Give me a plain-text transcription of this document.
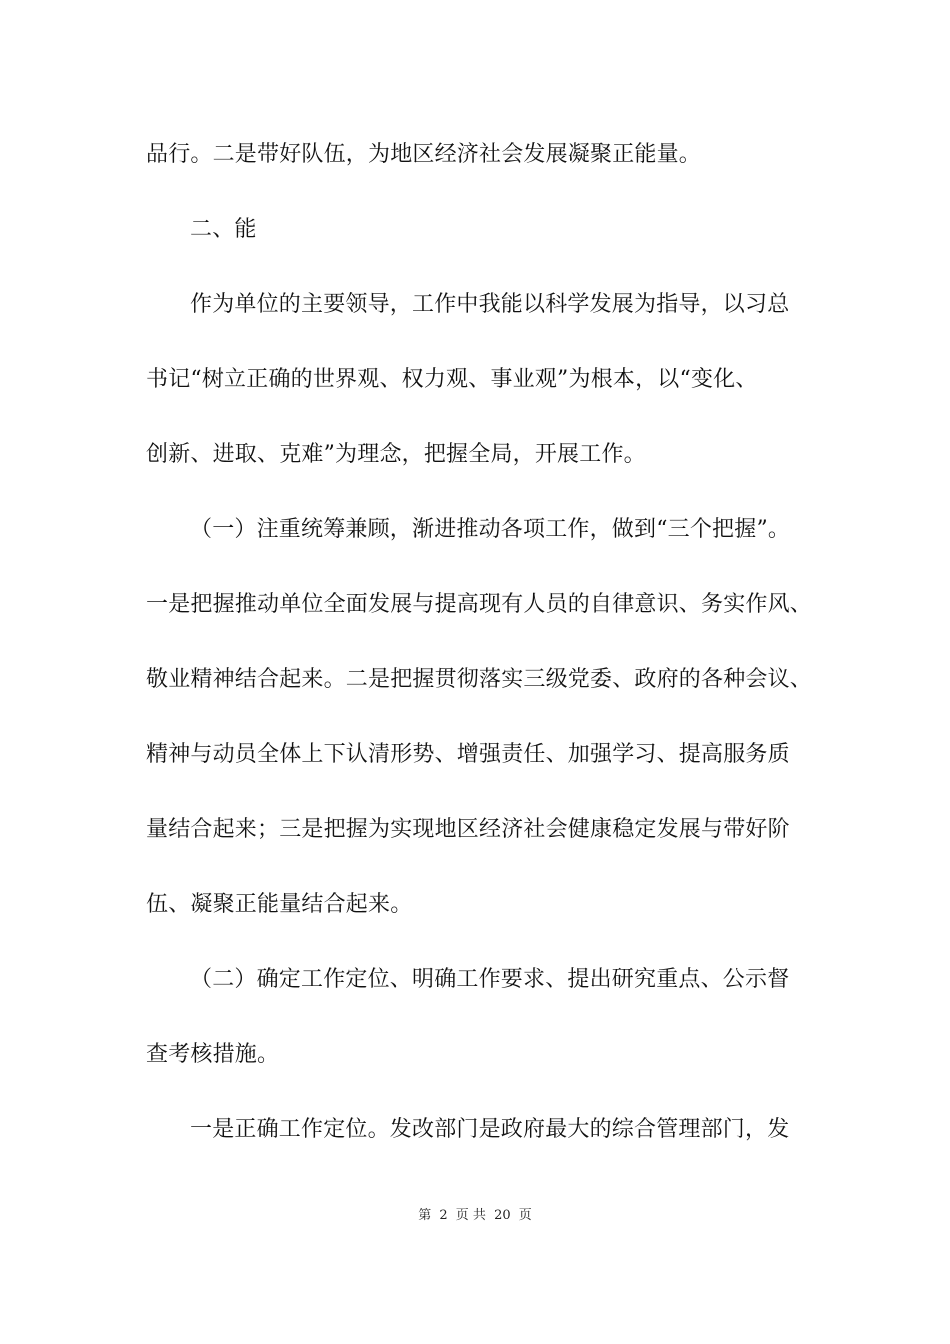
品行。二是带好队伍，为地区经济社会发展凝聚正能量。
二、能
作为单位的主要领导，工作中我能以科学发展为指导，以习总
书记“树立正确的世界观、权力观、事业观”为根本，以“变化、
创新、进取、克难”为理念，把握全局，开展工作。
（一）注重统筹兼顾，渐进推动各项工作，做到“三个把握”。
一是把握推动单位全面发展与提高现有人员的自律意识、务实作风、
敬业精神结合起来。二是把握贯彻落实三级党委、政府的各种会议、
精神与动员全体上下认清形势、增强责任、加强学习、提高服务质
量结合起来；三是把握为实现地区经济社会健康稳定发展与带好阶
伍、凝聚正能量结合起来。
（二）确定工作定位、明确工作要求、提出研究重点、公示督
查考核措施。
一是正确工作定位。发改部门是政府最大的综合管理部门，发
第 2 页 共 20 页
